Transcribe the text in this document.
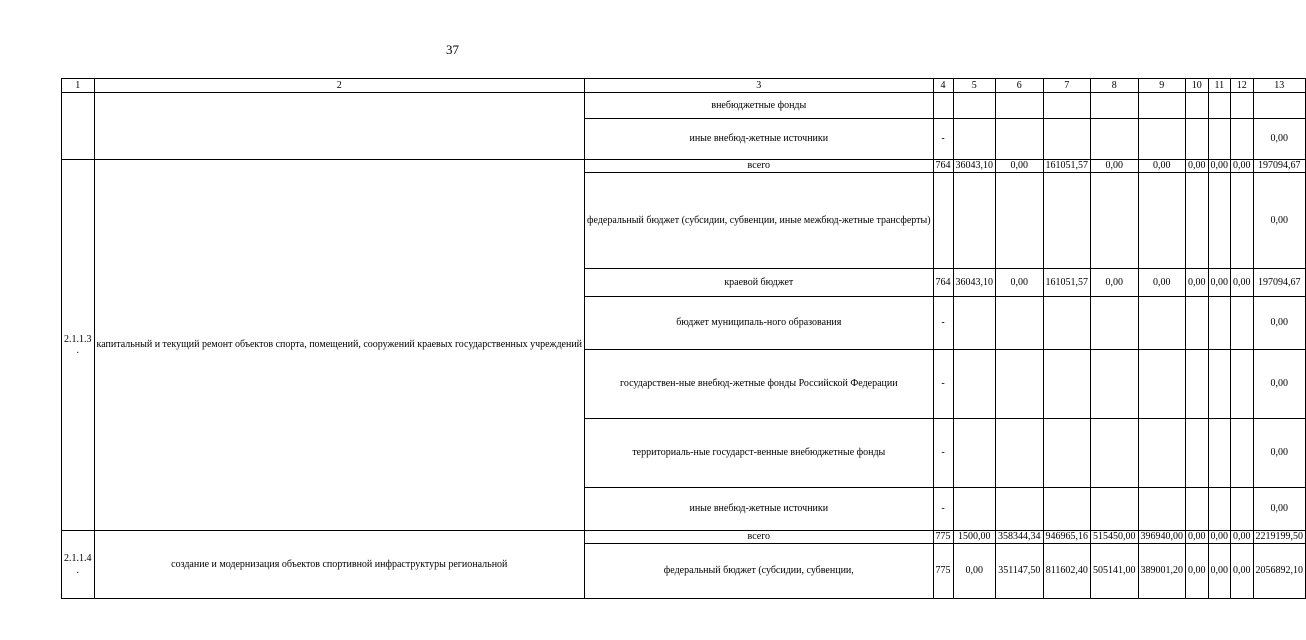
37
1	2	3	4	5	6	7	8	9	10	11	12	13
		внебюджетные фонды										
		иные внебюд-жетные источники	-									0,00
2.1.1.3 .	капитальный и текущий ремонт объектов спорта, помещений, сооружений краевых государственных учреждений	всего	764	36043,10	0,00	161051,57	0,00	0,00	0,00	0,00	0,00	197094,67
		федеральный бюджет (субсидии, субвенции, иные межбюд-жетные трансферты)										0,00
		краевой бюджет	764	36043,10	0,00	161051,57	0,00	0,00	0,00	0,00	0,00	197094,67
		бюджет муниципаль-ного образования	-									0,00
		государствен-ные внебюд-жетные фонды Российской Федерации	-									0,00
		территориаль-ные государст-венные внебюджетные фонды	-									0,00
		иные внебюд-жетные источники	-									0,00
2.1.1.4 .	создание и модернизация объектов спортивной инфраструктуры региональной	всего	775	1500,00	358344,34	946965,16	515450,00	396940,00	0,00	0,00	0,00	2219199,50
		федеральный бюджет (субсидии, субвенции,	775	0,00	351147,50	811602,40	505141,00	389001,20	0,00	0,00	0,00	2056892,10
